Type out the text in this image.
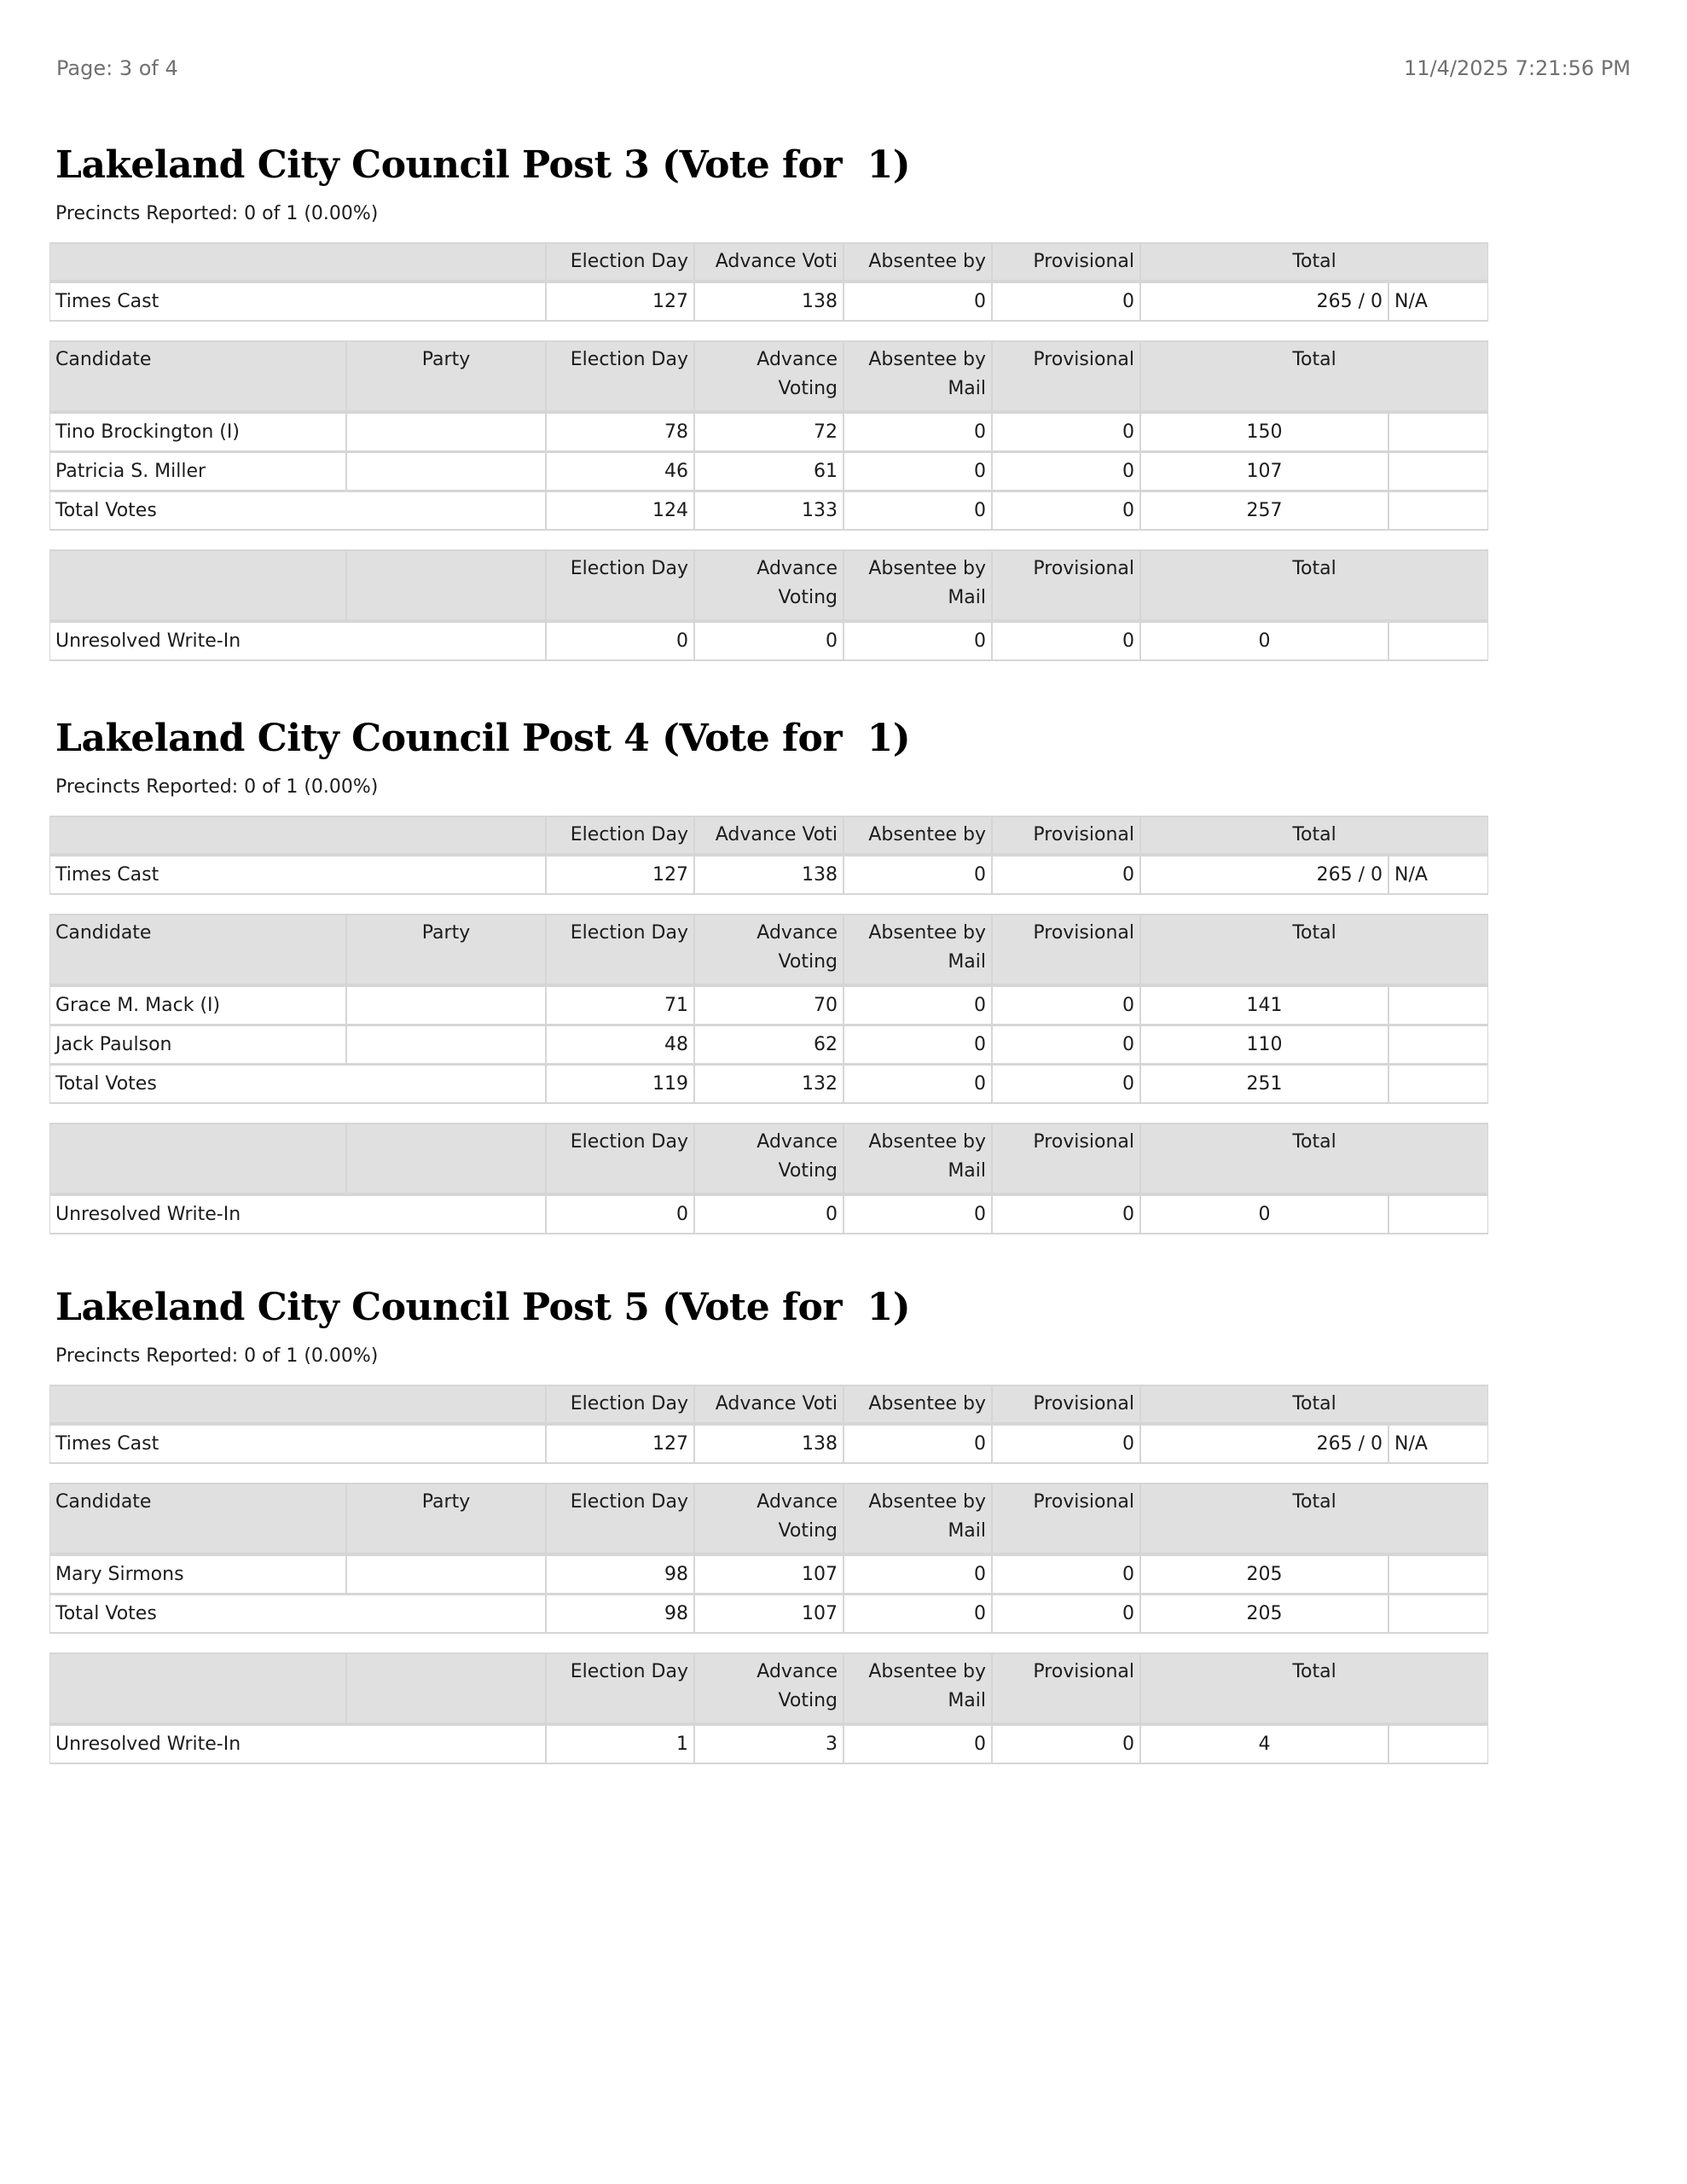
Page: 3 of 4	11/4/2025 7:21:56 PM
Lakeland City Council Post 3 (Vote for  1)
Precincts Reported: 0 of 1 (0.00%)
	Election Day	Advance Voti	Absentee by	Provisional	Total	
Times Cast	127	138	0	0	265 / 0	N/A
Candidate	Party	Election Day	Advance Voting	Absentee by Mail	Provisional	Total	
Tino Brockington (I)		78	72	0	0	150	
Patricia S. Miller		46	61	0	0	107	
Total Votes		124	133	0	0	257	
		Election Day	Advance Voting	Absentee by Mail	Provisional	Total	
Unresolved Write-In		0	0	0	0	0	
Lakeland City Council Post 4 (Vote for  1)
Precincts Reported: 0 of 1 (0.00%)
	Election Day	Advance Voti	Absentee by	Provisional	Total	
Times Cast	127	138	0	0	265 / 0	N/A
Candidate	Party	Election Day	Advance Voting	Absentee by Mail	Provisional	Total	
Grace M. Mack (I)		71	70	0	0	141	
Jack Paulson		48	62	0	0	110	
Total Votes		119	132	0	0	251	
		Election Day	Advance Voting	Absentee by Mail	Provisional	Total	
Unresolved Write-In		0	0	0	0	0	
Lakeland City Council Post 5 (Vote for  1)
Precincts Reported: 0 of 1 (0.00%)
	Election Day	Advance Voti	Absentee by	Provisional	Total	
Times Cast	127	138	0	0	265 / 0	N/A
Candidate	Party	Election Day	Advance Voting	Absentee by Mail	Provisional	Total	
Mary Sirmons		98	107	0	0	205	
Total Votes		98	107	0	0	205	
		Election Day	Advance Voting	Absentee by Mail	Provisional	Total	
Unresolved Write-In		1	3	0	0	4	
